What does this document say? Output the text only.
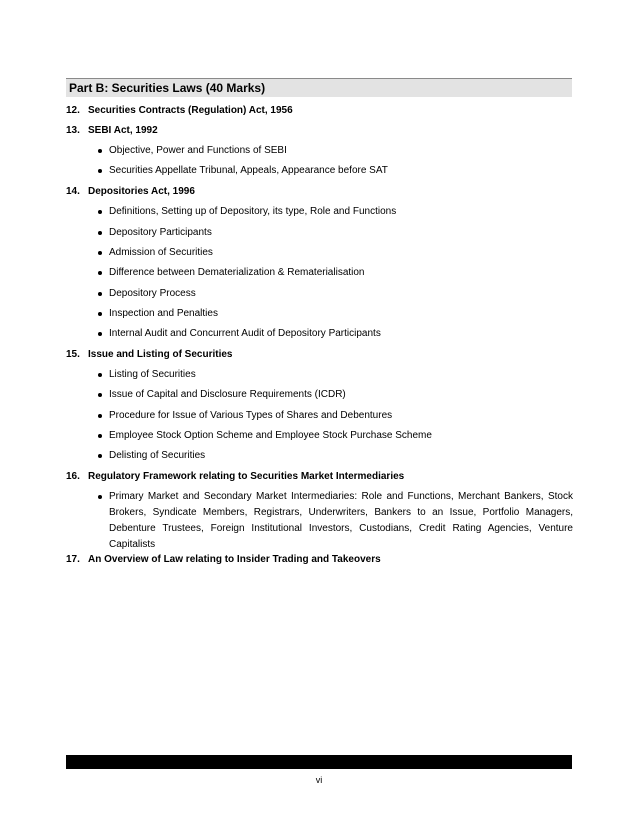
Part B: Securities Laws (40 Marks)
12. Securities Contracts (Regulation) Act, 1956
13. SEBI Act, 1992
Objective, Power and Functions of SEBI
Securities Appellate Tribunal, Appeals, Appearance before SAT
14. Depositories Act, 1996
Definitions, Setting up of Depository, its type, Role and Functions
Depository Participants
Admission of Securities
Difference between Dematerialization & Rematerialisation
Depository Process
Inspection and Penalties
Internal Audit and Concurrent Audit of Depository Participants
15. Issue and Listing of Securities
Listing of Securities
Issue of Capital and Disclosure Requirements (ICDR)
Procedure for Issue of Various Types of Shares and Debentures
Employee Stock Option Scheme and Employee Stock Purchase Scheme
Delisting of Securities
16. Regulatory Framework relating to Securities Market Intermediaries
Primary Market and Secondary Market Intermediaries: Role and Functions, Merchant Bankers, Stock Brokers, Syndicate Members, Registrars, Underwriters, Bankers to an Issue, Portfolio Managers, Debenture Trustees, Foreign Institutional Investors, Custodians, Credit Rating Agencies, Venture Capitalists
17. An Overview of Law relating to Insider Trading and Takeovers
vi
